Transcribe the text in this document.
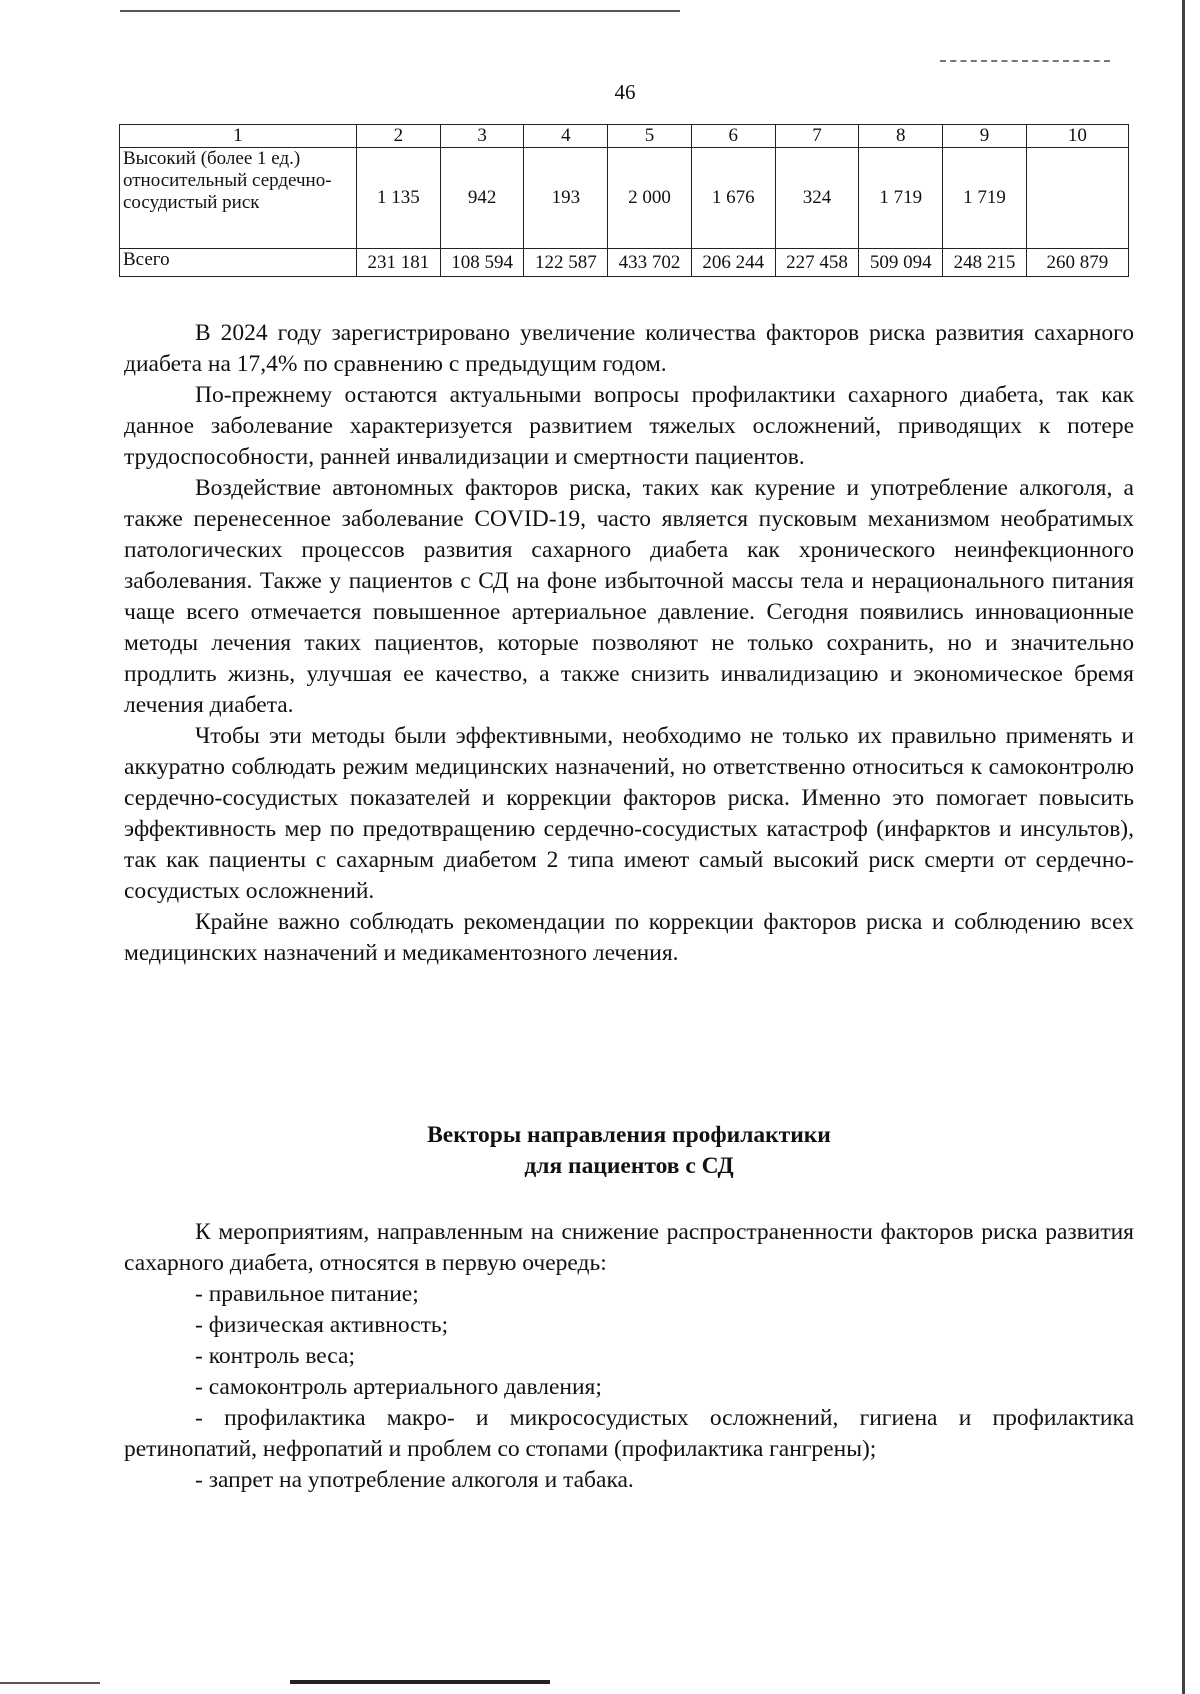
46
1	2	3	4	5	6	7	8	9	10
Высокий (более 1 ед.) относительный сердечно-сосудистый риск	1 135	942	193	2 000	1 676	324	1 719	1 719	
Всего	231 181	108 594	122 587	433 702	206 244	227 458	509 094	248 215	260 879

В 2024 году зарегистрировано увеличение количества факторов риска развития сахарного диабета на 17,4% по сравнению с предыдущим годом.

По-прежнему остаются актуальными вопросы профилактики сахарного диабета, так как данное заболевание характеризуется развитием тяжелых осложнений, приводящих к потере трудоспособности, ранней инвалидизации и смертности пациентов.

Воздействие автономных факторов риска, таких как курение и употребление алкоголя, а также перенесенное заболевание COVID-19, часто является пусковым механизмом необратимых патологических процессов развития сахарного диабета как хронического неинфекционного заболевания. Также у пациентов с СД на фоне избыточной массы тела и нерационального питания чаще всего отмечается повышенное артериальное давление. Сегодня появились инновационные методы лечения таких пациентов, которые позволяют не только сохранить, но и значительно продлить жизнь, улучшая ее качество, а также снизить инвалидизацию и экономическое бремя лечения диабета.

Чтобы эти методы были эффективными, необходимо не только их правильно применять и аккуратно соблюдать режим медицинских назначений, но ответственно относиться к самоконтролю сердечно-сосудистых показателей и коррекции факторов риска. Именно это помогает повысить эффективность мер по предотвращению сердечно-сосудистых катастроф (инфарктов и инсультов), так как пациенты с сахарным диабетом 2 типа имеют самый высокий риск смерти от сердечно-сосудистых осложнений.

Крайне важно соблюдать рекомендации по коррекции факторов риска и соблюдению всех медицинских назначений и медикаментозного лечения.

Векторы направления профилактики
для пациентов с СД

К мероприятиям, направленным на снижение распространенности факторов риска развития сахарного диабета, относятся в первую очередь:

- правильное питание;
- физическая активность;
- контроль веса;
- самоконтроль артериального давления;
- профилактика макро- и микрососудистых осложнений, гигиена и профилактика ретинопатий, нефропатий и проблем со стопами (профилактика гангрены);
- запрет на употребление алкоголя и табака.
